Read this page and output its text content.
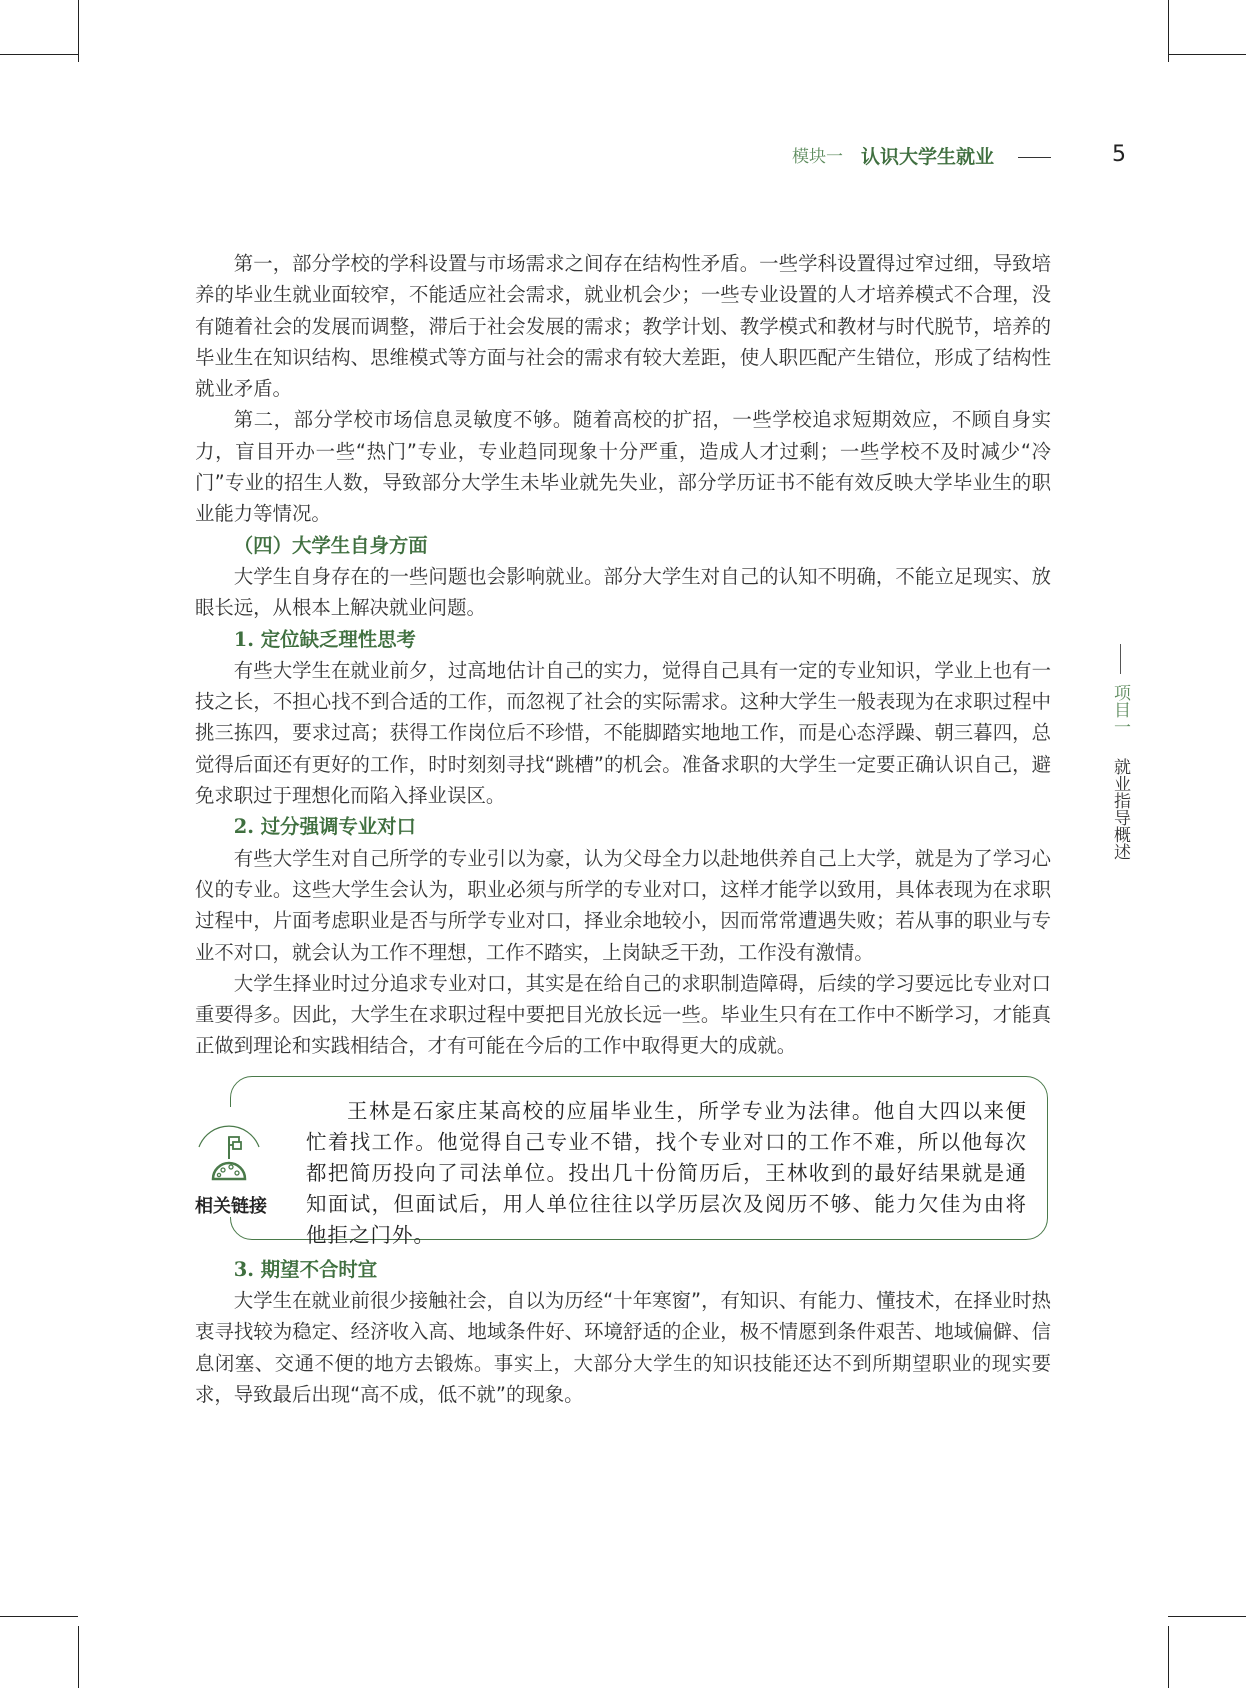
模块一 认识大学生就业	5
项目一 就业指导概述

第一，部分学校的学科设置与市场需求之间存在结构性矛盾。一些学科设置得过窄过细，导致培养的毕业生就业面较窄，不能适应社会需求，就业机会少；一些专业设置的人才培养模式不合理，没有随着社会的发展而调整，滞后于社会发展的需求；教学计划、教学模式和教材与时代脱节，培养的毕业生在知识结构、思维模式等方面与社会的需求有较大差距，使人职匹配产生错位，形成了结构性就业矛盾。

第二，部分学校市场信息灵敏度不够。随着高校的扩招，一些学校追求短期效应，不顾自身实力，盲目开办一些“热门”专业，专业趋同现象十分严重，造成人才过剩；一些学校不及时减少“冷门”专业的招生人数，导致部分大学生未毕业就先失业，部分学历证书不能有效反映大学毕业生的职业能力等情况。

（四）大学生自身方面

大学生自身存在的一些问题也会影响就业。部分大学生对自己的认知不明确，不能立足现实、放眼长远，从根本上解决就业问题。

1. 定位缺乏理性思考

有些大学生在就业前夕，过高地估计自己的实力，觉得自己具有一定的专业知识，学业上也有一技之长，不担心找不到合适的工作，而忽视了社会的实际需求。这种大学生一般表现为在求职过程中挑三拣四，要求过高；获得工作岗位后不珍惜，不能脚踏实地地工作，而是心态浮躁、朝三暮四，总觉得后面还有更好的工作，时时刻刻寻找“跳槽”的机会。准备求职的大学生一定要正确认识自己，避免求职过于理想化而陷入择业误区。

2. 过分强调专业对口

有些大学生对自己所学的专业引以为豪，认为父母全力以赴地供养自己上大学，就是为了学习心仪的专业。这些大学生会认为，职业必须与所学的专业对口，这样才能学以致用，具体表现为在求职过程中，片面考虑职业是否与所学专业对口，择业余地较小，因而常常遭遇失败；若从事的职业与专业不对口，就会认为工作不理想，工作不踏实，上岗缺乏干劲，工作没有激情。

大学生择业时过分追求专业对口，其实是在给自己的求职制造障碍，后续的学习要远比专业对口重要得多。因此，大学生在求职过程中要把目光放长远一些。毕业生只有在工作中不断学习，才能真正做到理论和实践相结合，才有可能在今后的工作中取得更大的成就。

相关链接
王林是石家庄某高校的应届毕业生，所学专业为法律。他自大四以来便忙着找工作。他觉得自己专业不错，找个专业对口的工作不难，所以他每次都把简历投向了司法单位。投出几十份简历后，王林收到的最好结果就是通知面试，但面试后，用人单位往往以学历层次及阅历不够、能力欠佳为由将他拒之门外。
3. 期望不合时宜

大学生在就业前很少接触社会，自以为历经“十年寒窗”，有知识、有能力、懂技术，在择业时热衷寻找较为稳定、经济收入高、地域条件好、环境舒适的企业，极不情愿到条件艰苦、地域偏僻、信息闭塞、交通不便的地方去锻炼。事实上，大部分大学生的知识技能还达不到所期望职业的现实要求，导致最后出现“高不成，低不就”的现象。
